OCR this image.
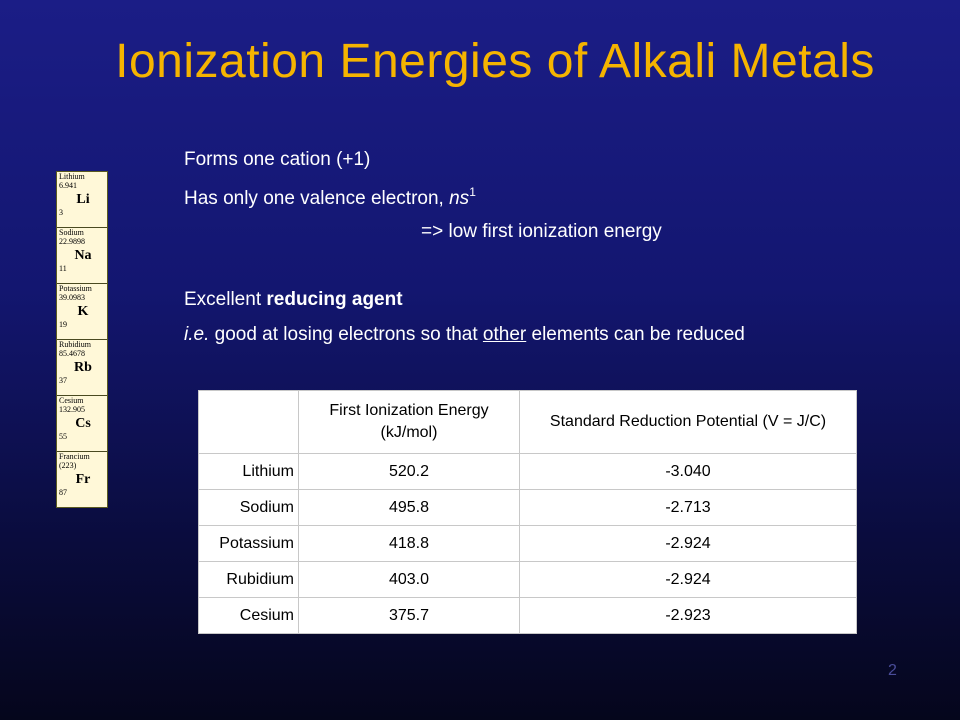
Ionization Energies of Alkali Metals
Lithium
6.941
Li
3
Sodium
22.9898
Na
11
Potassium
39.0983
K
19
Rubidium
85.4678
Rb
37
Cesium
132.905
Cs
55
Francium
(223)
Fr
87
Forms one cation (+1)
Has only one valence electron, $ns^1$
=> low first ionization energy
Excellent reducing agent
i.e. good at losing electrons so that other elements can be reduced
	First Ionization Energy (kJ/mol)	Standard Reduction Potential (V = J/C)
Lithium	520.2	-3.040
Sodium	495.8	-2.713
Potassium	418.8	-2.924
Rubidium	403.0	-2.924
Cesium	375.7	-2.923
2
